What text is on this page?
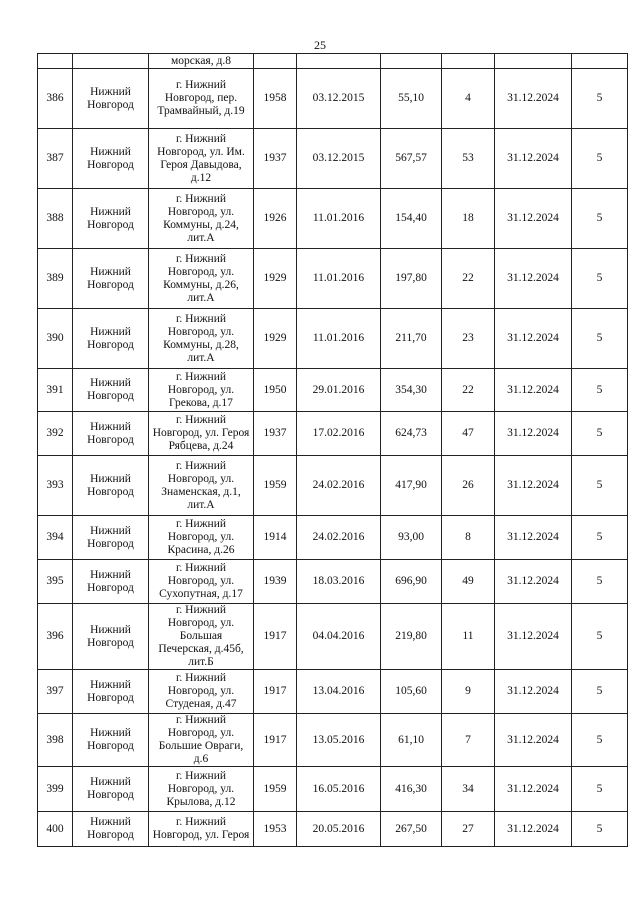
25
		морская, д.8						
386	Нижний Новгород	г. Нижний Новгород, пер. Трамвайный, д.19	1958	03.12.2015	55,10	4	31.12.2024	5
387	Нижний Новгород	г. Нижний Новгород, ул. Им. Героя Давыдова, д.12	1937	03.12.2015	567,57	53	31.12.2024	5
388	Нижний Новгород	г. Нижний Новгород, ул. Коммуны, д.24, лит.А	1926	11.01.2016	154,40	18	31.12.2024	5
389	Нижний Новгород	г. Нижний Новгород, ул. Коммуны, д.26, лит.А	1929	11.01.2016	197,80	22	31.12.2024	5
390	Нижний Новгород	г. Нижний Новгород, ул. Коммуны, д.28, лит.А	1929	11.01.2016	211,70	23	31.12.2024	5
391	Нижний Новгород	г. Нижний Новгород, ул. Грекова, д.17	1950	29.01.2016	354,30	22	31.12.2024	5
392	Нижний Новгород	г. Нижний Новгород, ул. Героя Рябцева, д.24	1937	17.02.2016	624,73	47	31.12.2024	5
393	Нижний Новгород	г. Нижний Новгород, ул. Знаменская, д.1, лит.А	1959	24.02.2016	417,90	26	31.12.2024	5
394	Нижний Новгород	г. Нижний Новгород, ул. Красина, д.26	1914	24.02.2016	93,00	8	31.12.2024	5
395	Нижний Новгород	г. Нижний Новгород, ул. Сухопутная, д.17	1939	18.03.2016	696,90	49	31.12.2024	5
396	Нижний Новгород	г. Нижний Новгород, ул. Большая Печерская, д.45б, лит.Б	1917	04.04.2016	219,80	11	31.12.2024	5
397	Нижний Новгород	г. Нижний Новгород, ул. Студеная, д.47	1917	13.04.2016	105,60	9	31.12.2024	5
398	Нижний Новгород	г. Нижний Новгород, ул. Большие Овраги, д.6	1917	13.05.2016	61,10	7	31.12.2024	5
399	Нижний Новгород	г. Нижний Новгород, ул. Крылова, д.12	1959	16.05.2016	416,30	34	31.12.2024	5
400	Нижний Новгород	г. Нижний Новгород, ул. Героя	1953	20.05.2016	267,50	27	31.12.2024	5
